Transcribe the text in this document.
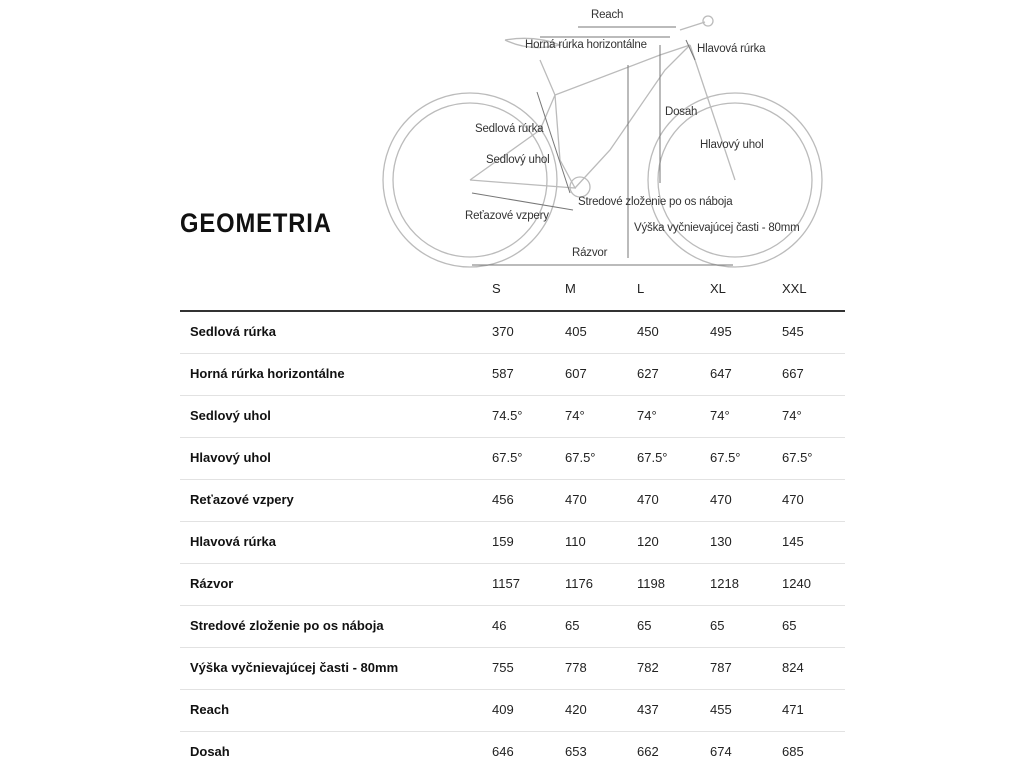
Reach
Horná rúrka horizontálne	Hlavová rúrka
Dosah
Sedlová rúrka
Hlavový uhol
Sedlový uhol
Stredové zloženie po os náboja
Reťazové vzpery
Výška vyčnievajúcej časti - 80mm
Rázvor
GEOMETRIA
S	M	L	XL	XXL
Sedlová rúrka	370	405	450	495	545
Horná rúrka horizontálne	587	607	627	647	667
Sedlový uhol	74.5°	74°	74°	74°	74°
Hlavový uhol	67.5°	67.5°	67.5°	67.5°	67.5°
Reťazové vzpery	456	470	470	470	470
Hlavová rúrka	159	110	120	130	145
Rázvor	1157	1176	1198	1218	1240
Stredové zloženie po os náboja	46	65	65	65	65
Výška vyčnievajúcej časti - 80mm	755	778	782	787	824
Reach	409	420	437	455	471
Dosah	646	653	662	674	685
